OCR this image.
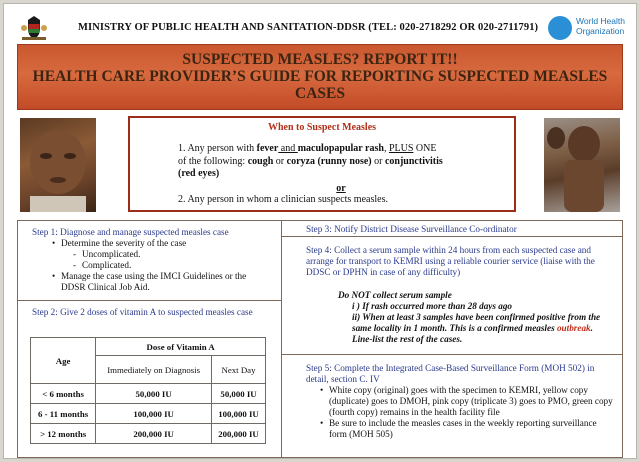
MINISTRY OF PUBLIC HEALTH AND SANITATION-DDSR (TEL: 020-2718292 OR 020-2711791)
World Health
Organization
SUSPECTED MEASLES? REPORT IT!!
HEALTH CARE PROVIDER’S GUIDE FOR REPORTING SUSPECTED MEASLES CASES
When to Suspect Measles

1. Any person with fever and maculopapular rash, PLUS ONE

of the following: cough or coryza (runny nose) or conjunctivitis

(red eyes)

or

2. Any person in whom a clinician suspects measles.

Step 1: Diagnose and manage suspected measles case
• Determine the severity of the case
- Uncomplicated.
- Complicated.
• Manage the case using the IMCI Guidelines or the DDSR Clinical Job Aid.
Step 2: Give 2 doses of vitamin A to suspected measles case
Age	Dose of Vitamin A	
	Immediately on Diagnosis	Next Day
< 6 months	50,000 IU	50,000 IU
6 - 11 months	100,000 IU	100,000 IU
> 12 months	200,000 IU	200,000 IU
Step 3: Notify District Disease Surveillance Co-ordinator
Step 4: Collect a serum sample within 24 hours from each suspected case and arrange for transport to KEMRI using a reliable courier service (liaise with the DDSC or DPHN in case of any difficulty)
Do NOT collect serum sample
i ) If rash occurred more than 28 days ago
ii) When at least 3 samples have been confirmed positive from the same locality in 1 month. This is a confirmed measles outbreak. Line-list the rest of the cases.
Step 5: Complete the Integrated Case-Based Surveillance Form (MOH 502) in detail, section C. IV
• White copy (original) goes with the specimen to KEMRI, yellow copy (duplicate) goes to DMOH, pink copy (triplicate 3) goes to PMO, green copy (fourth copy) remains in the health facility file
• Be sure to include the measles cases in the weekly reporting surveillance form (MOH 505)
